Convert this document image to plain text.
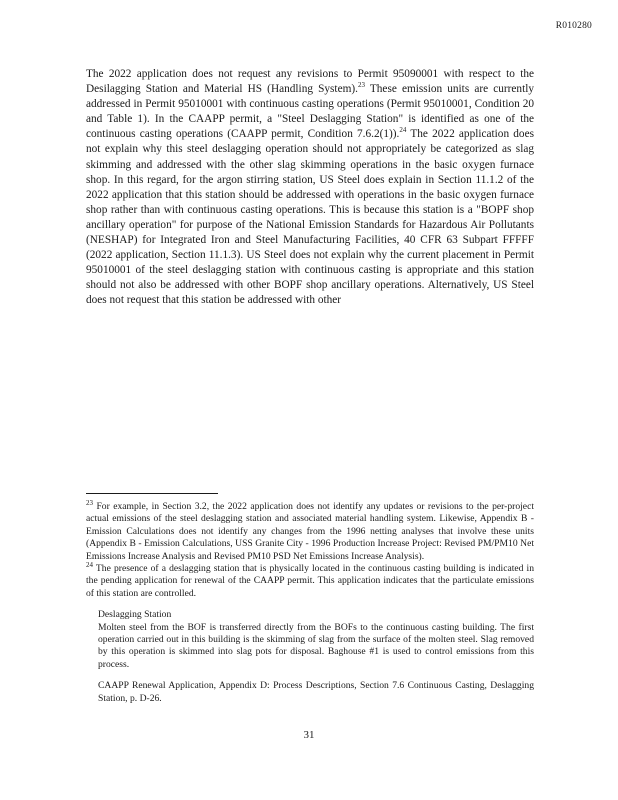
R010280

The 2022 application does not request any revisions to Permit 95090001 with respect to the Desilagging Station and Material HS (Handling System).$^{23}$ These emission units are currently addressed in Permit 95010001 with continuous casting operations (Permit 95010001, Condition 20 and Table 1). In the CAAPP permit, a "Steel Deslagging Station" is identified as one of the continuous casting operations (CAAPP permit, Condition 7.6.2(1)).$^{24}$ The 2022 application does not explain why this steel deslagging operation should not appropriately be categorized as slag skimming and addressed with the other slag skimming operations in the basic oxygen furnace shop. In this regard, for the argon stirring station, US Steel does explain in Section 11.1.2 of the 2022 application that this station should be addressed with operations in the basic oxygen furnace shop rather than with continuous casting operations. This is because this station is a "BOPF shop ancillary operation" for purpose of the National Emission Standards for Hazardous Air Pollutants (NESHAP) for Integrated Iron and Steel Manufacturing Facilities, 40 CFR 63 Subpart FFFFF (2022 application, Section 11.1.3). US Steel does not explain why the current placement in Permit 95010001 of the steel deslagging station with continuous casting is appropriate and this station should not also be addressed with other BOPF shop ancillary operations. Alternatively, US Steel does not request that this station be addressed with other

$^{23}$ For example, in Section 3.2, the 2022 application does not identify any updates or revisions to the per-project actual emissions of the steel deslagging station and associated material handling system. Likewise, Appendix B - Emission Calculations does not identify any changes from the 1996 netting analyses that involve these units (Appendix B - Emission Calculations, USS Granite City - 1996 Production Increase Project: Revised PM/PM10 Net Emissions Increase Analysis and Revised PM10 PSD Net Emissions Increase Analysis).

$^{24}$ The presence of a deslagging station that is physically located in the continuous casting building is indicated in the pending application for renewal of the CAAPP permit. This application indicates that the particulate emissions of this station are controlled.

Deslagging Station

Molten steel from the BOF is transferred directly from the BOFs to the continuous casting building. The first operation carried out in this building is the skimming of slag from the surface of the molten steel. Slag removed by this operation is skimmed into slag pots for disposal. Baghouse #1 is used to control emissions from this process.

CAAPP Renewal Application, Appendix D: Process Descriptions, Section 7.6 Continuous Casting, Deslagging Station, p. D-26.

31
